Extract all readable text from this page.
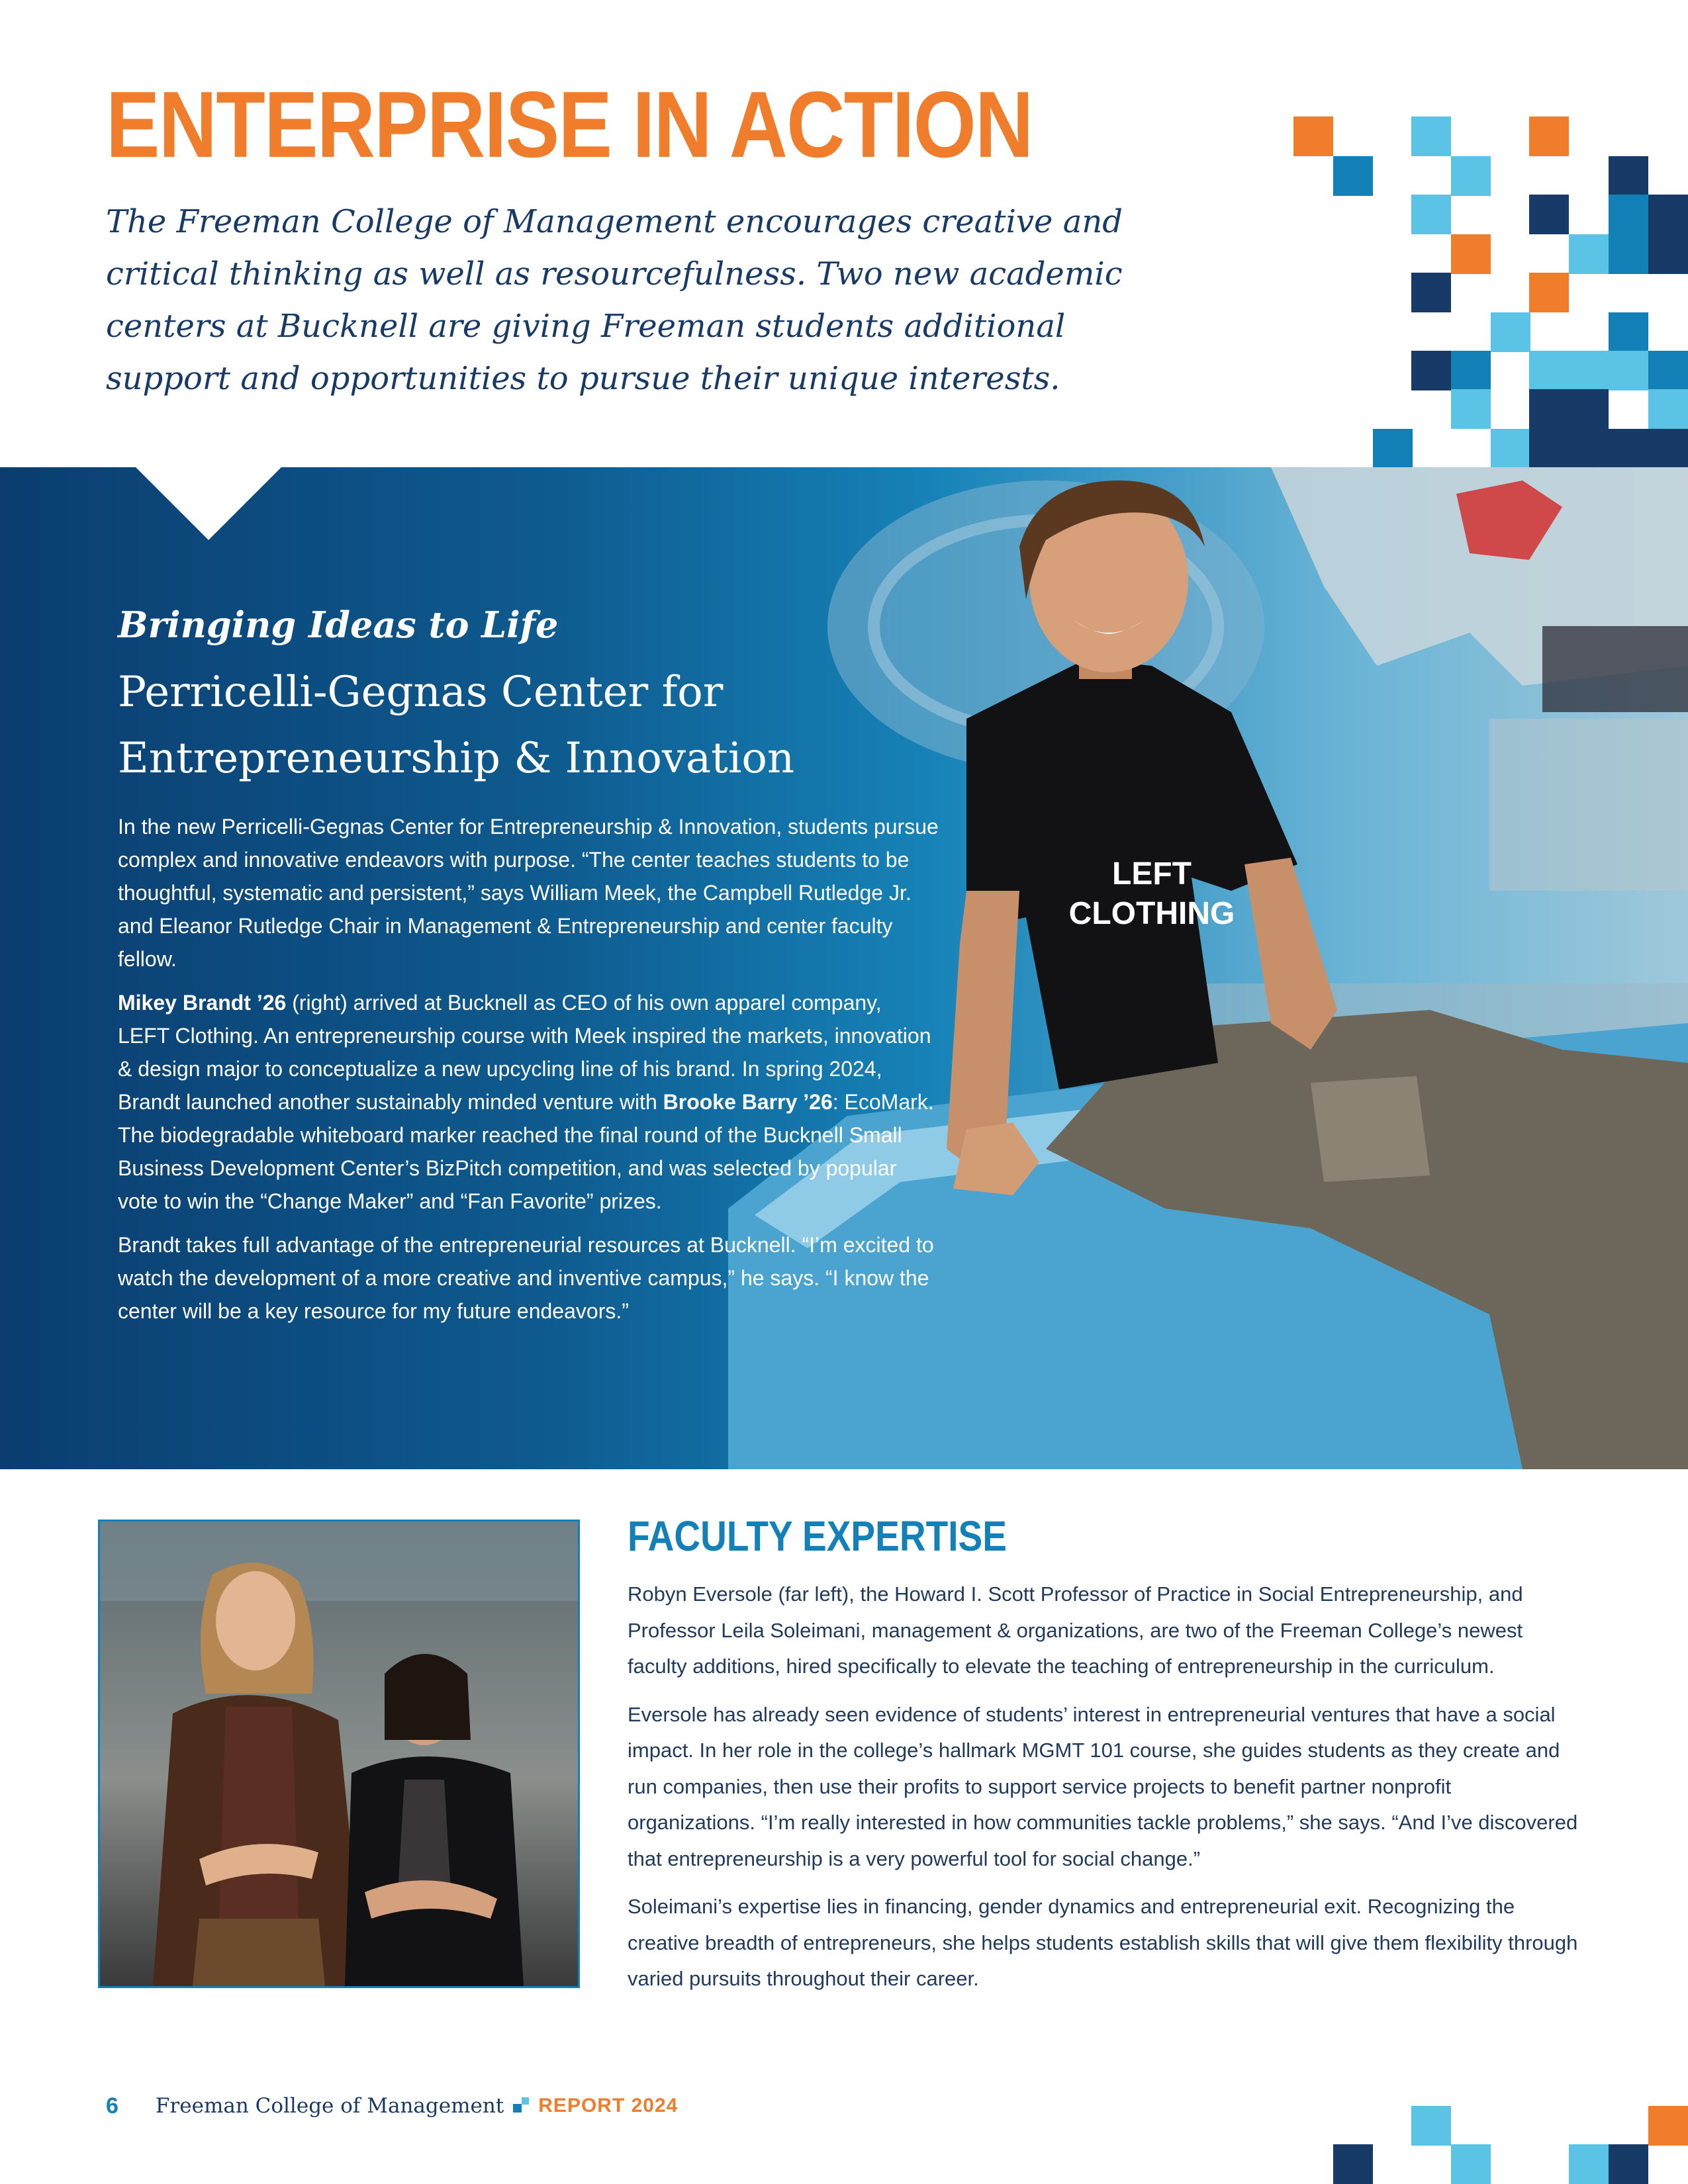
ENTERPRISE IN ACTION

The Freeman College of Management encourages creative and critical thinking as well as resourcefulness. Two new academic centers at Bucknell are giving Freeman students additional support and opportunities to pursue their unique interests.

LEFT
CLOTHING
Bringing Ideas to Life
Perricelli-Gegnas Center for Entrepreneurship & Innovation

In the new Perricelli-Gegnas Center for Entrepreneurship & Innovation, students pursue complex and innovative endeavors with purpose. “The center teaches students to be thoughtful, systematic and persistent,” says William Meek, the Campbell Rutledge Jr. and Eleanor Rutledge Chair in Management & Entrepreneurship and center faculty fellow.

Mikey Brandt ’26 (right) arrived at Bucknell as CEO of his own apparel company, LEFT Clothing. An entrepreneurship course with Meek inspired the markets, innovation & design major to conceptualize a new upcycling line of his brand. In spring 2024, Brandt launched another sustainably minded venture with Brooke Barry ’26: EcoMark. The biodegradable whiteboard marker reached the final round of the Bucknell Small Business Development Center’s BizPitch competition, and was selected by popular vote to win the “Change Maker” and “Fan Favorite” prizes.

Brandt takes full advantage of the entrepreneurial resources at Bucknell. “I’m excited to watch the development of a more creative and inventive campus,” he says. “I know the center will be a key resource for my future endeavors.”

FACULTY EXPERTISE

Robyn Eversole (far left), the Howard I. Scott Professor of Practice in Social Entrepreneurship, and Professor Leila Soleimani, management & organizations, are two of the Freeman College’s newest faculty additions, hired specifically to elevate the teaching of entrepreneurship in the curriculum.

Eversole has already seen evidence of students’ interest in entrepreneurial ventures that have a social impact. In her role in the college’s hallmark MGMT 101 course, she guides students as they create and run companies, then use their profits to support service projects to benefit partner nonprofit organizations. “I’m really interested in how communities tackle problems,” she says. “And I’ve discovered that entrepreneurship is a very powerful tool for social change.”

Soleimani’s expertise lies in financing, gender dynamics and entrepreneurial exit. Recognizing the creative breadth of entrepreneurs, she helps students establish skills that will give them flexibility through varied pursuits throughout their career.

6 Freeman College of Management REPORT 2024
